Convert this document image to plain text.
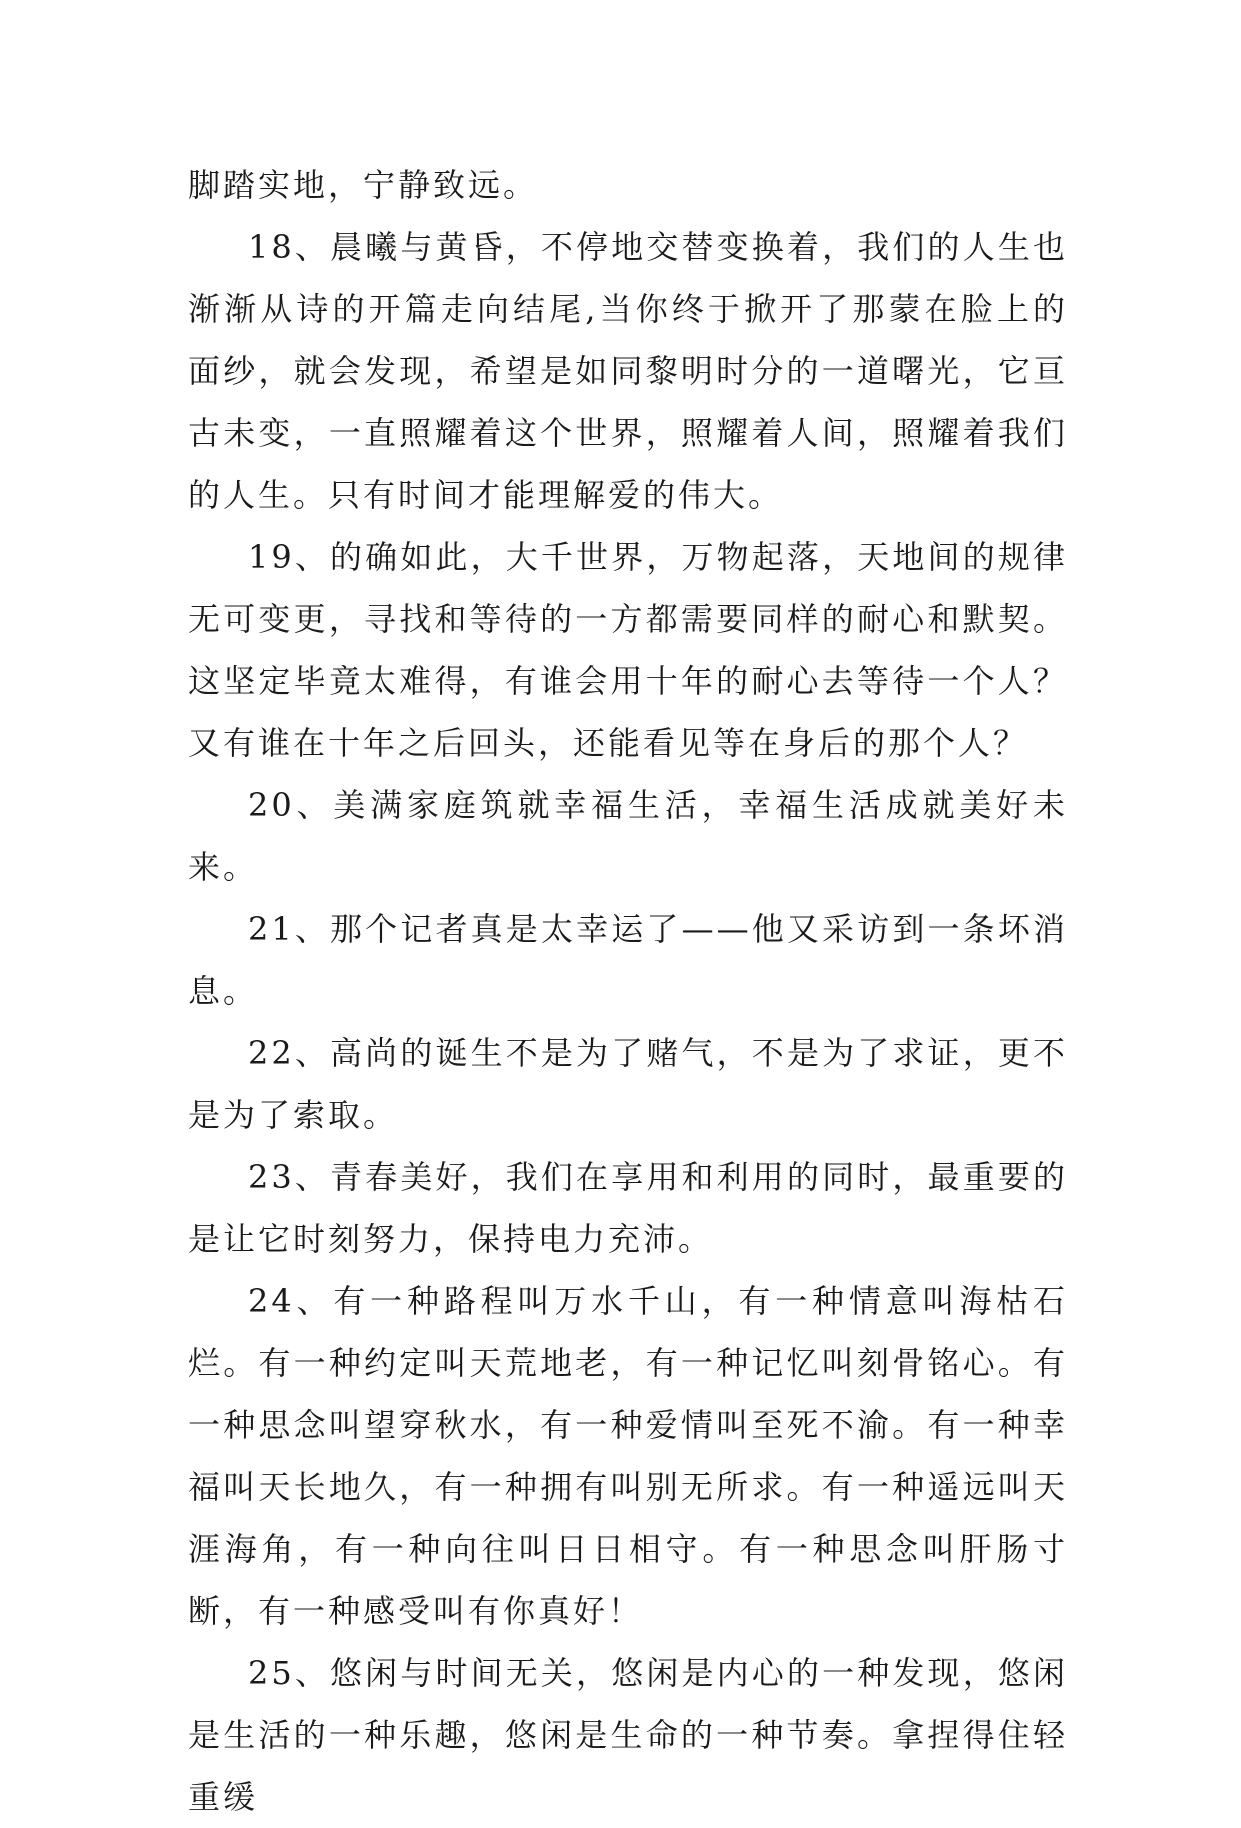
脚踏实地，宁静致远。

18、晨曦与黄昏，不停地交替变换着，我们的人生也渐渐从诗的开篇走向结尾,当你终于掀开了那蒙在脸上的面纱，就会发现，希望是如同黎明时分的一道曙光，它亘古未变，一直照耀着这个世界，照耀着人间，照耀着我们的人生。只有时间才能理解爱的伟大。

19、的确如此，大千世界，万物起落，天地间的规律无可变更，寻找和等待的一方都需要同样的耐心和默契。这坚定毕竟太难得，有谁会用十年的耐心去等待一个人？又有谁在十年之后回头，还能看见等在身后的那个人？

20、美满家庭筑就幸福生活，幸福生活成就美好未来。

21、那个记者真是太幸运了——他又采访到一条坏消息。

22、高尚的诞生不是为了赌气，不是为了求证，更不是为了索取。

23、青春美好，我们在享用和利用的同时，最重要的是让它时刻努力，保持电力充沛。

24、有一种路程叫万水千山，有一种情意叫海枯石烂。有一种约定叫天荒地老，有一种记忆叫刻骨铭心。有一种思念叫望穿秋水，有一种爱情叫至死不渝。有一种幸福叫天长地久，有一种拥有叫别无所求。有一种遥远叫天涯海角，有一种向往叫日日相守。有一种思念叫肝肠寸断，有一种感受叫有你真好！

25、悠闲与时间无关，悠闲是内心的一种发现，悠闲是生活的一种乐趣，悠闲是生命的一种节奏。拿捏得住轻重缓
